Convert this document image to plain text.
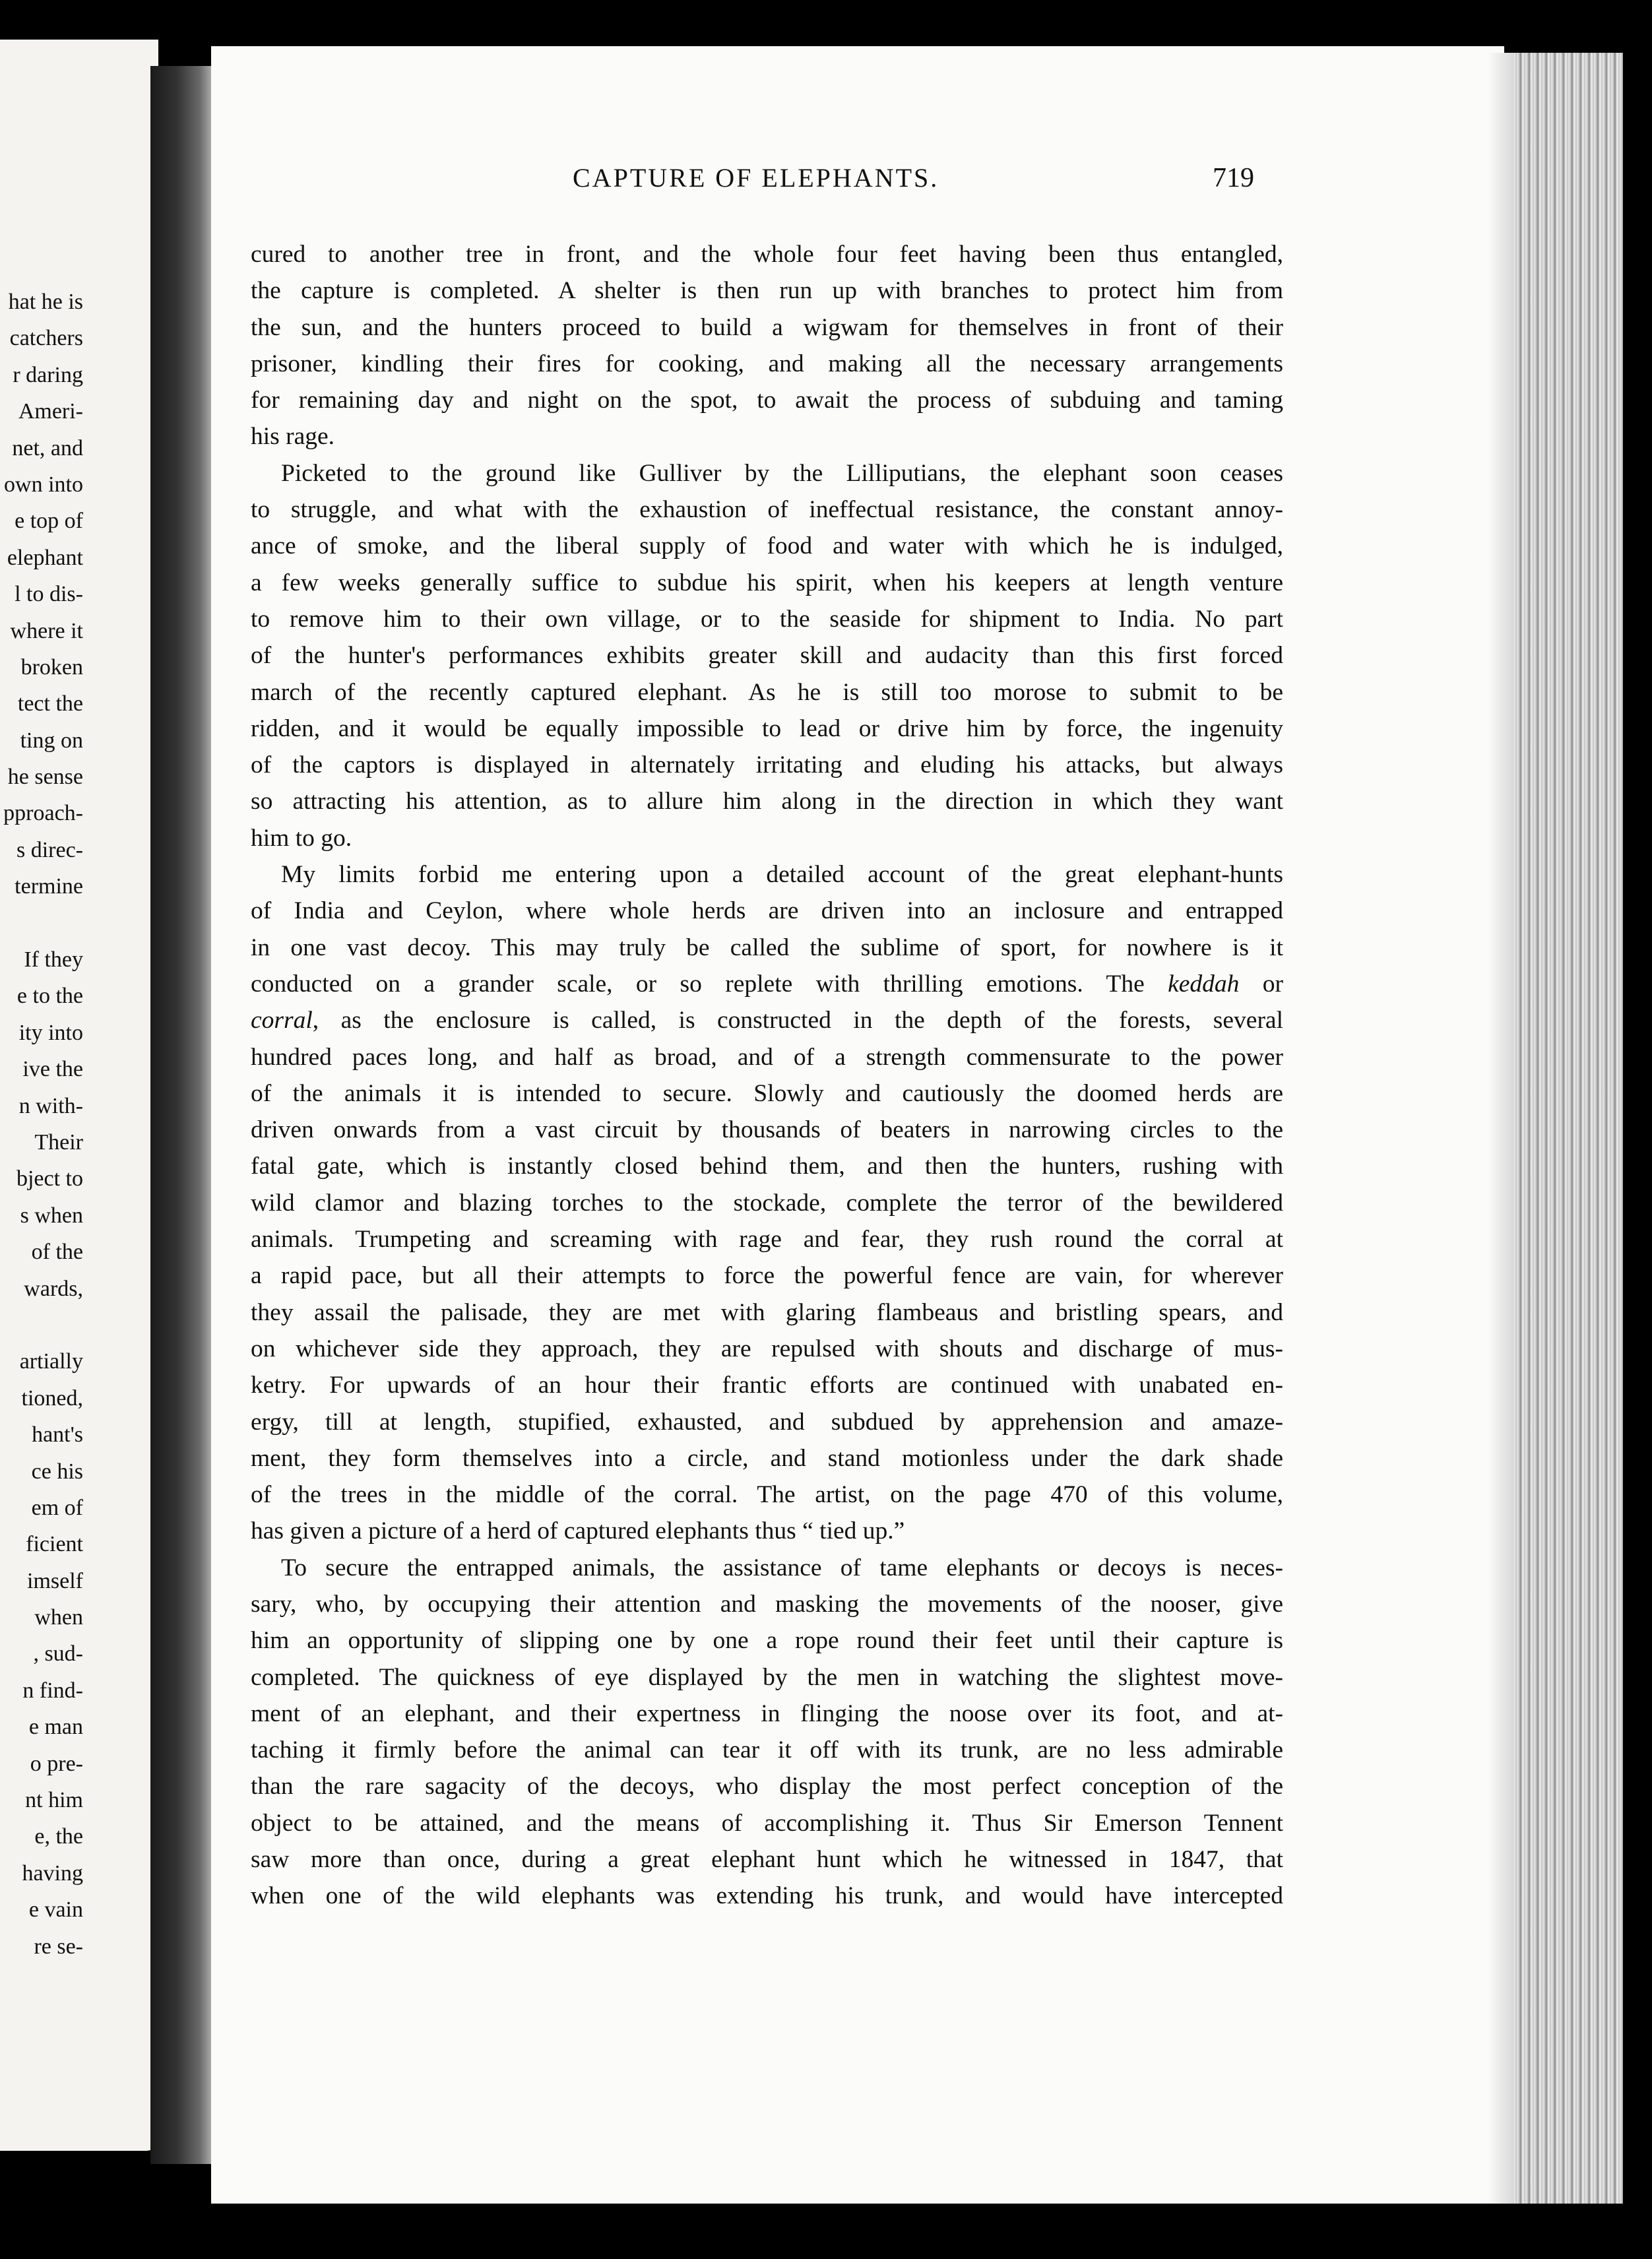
hat he is
catchers
r daring
Ameri-
net, and
own into
e top of
elephant
l to dis-
where it
broken
tect the
ting on
he sense
pproach-
s direc-
termine
If they
e to the
ity into
ive the
n with-
Their
bject to
s when
of the
wards,
artially
tioned,
hant's
ce his
em of
ficient
imself
when
, sud-
n find-
e man
o pre-
nt him
e, the
having
e vain
re se-
CAPTURE OF ELEPHANTS.	719
cured to another tree in front, and the whole four feet having been thus entangled,
the capture is completed. A shelter is then run up with branches to protect him from
the sun, and the hunters proceed to build a wigwam for themselves in front of their
prisoner, kindling their fires for cooking, and making all the necessary arrangements
for remaining day and night on the spot, to await the process of subduing and taming
his rage.
Picketed to the ground like Gulliver by the Lilliputians, the elephant soon ceases
to struggle, and what with the exhaustion of ineffectual resistance, the constant annoy-
ance of smoke, and the liberal supply of food and water with which he is indulged,
a few weeks generally suffice to subdue his spirit, when his keepers at length venture
to remove him to their own village, or to the seaside for shipment to India. No part
of the hunter's performances exhibits greater skill and audacity than this first forced
march of the recently captured elephant. As he is still too morose to submit to be
ridden, and it would be equally impossible to lead or drive him by force, the ingenuity
of the captors is displayed in alternately irritating and eluding his attacks, but always
so attracting his attention, as to allure him along in the direction in which they want
him to go.
My limits forbid me entering upon a detailed account of the great elephant-hunts
of India and Ceylon, where whole herds are driven into an inclosure and entrapped
in one vast decoy. This may truly be called the sublime of sport, for nowhere is it
conducted on a grander scale, or so replete with thrilling emotions. The keddah or
corral, as the enclosure is called, is constructed in the depth of the forests, several
hundred paces long, and half as broad, and of a strength commensurate to the power
of the animals it is intended to secure. Slowly and cautiously the doomed herds are
driven onwards from a vast circuit by thousands of beaters in narrowing circles to the
fatal gate, which is instantly closed behind them, and then the hunters, rushing with
wild clamor and blazing torches to the stockade, complete the terror of the bewildered
animals. Trumpeting and screaming with rage and fear, they rush round the corral at
a rapid pace, but all their attempts to force the powerful fence are vain, for wherever
they assail the palisade, they are met with glaring flambeaus and bristling spears, and
on whichever side they approach, they are repulsed with shouts and discharge of mus-
ketry. For upwards of an hour their frantic efforts are continued with unabated en-
ergy, till at length, stupified, exhausted, and subdued by apprehension and amaze-
ment, they form themselves into a circle, and stand motionless under the dark shade
of the trees in the middle of the corral. The artist, on the page 470 of this volume,
has given a picture of a herd of captured elephants thus “ tied up.”
To secure the entrapped animals, the assistance of tame elephants or decoys is neces-
sary, who, by occupying their attention and masking the movements of the nooser, give
him an opportunity of slipping one by one a rope round their feet until their capture is
completed. The quickness of eye displayed by the men in watching the slightest move-
ment of an elephant, and their expertness in flinging the noose over its foot, and at-
taching it firmly before the animal can tear it off with its trunk, are no less admirable
than the rare sagacity of the decoys, who display the most perfect conception of the
object to be attained, and the means of accomplishing it. Thus Sir Emerson Tennent
saw more than once, during a great elephant hunt which he witnessed in 1847, that
when one of the wild elephants was extending his trunk, and would have intercepted
